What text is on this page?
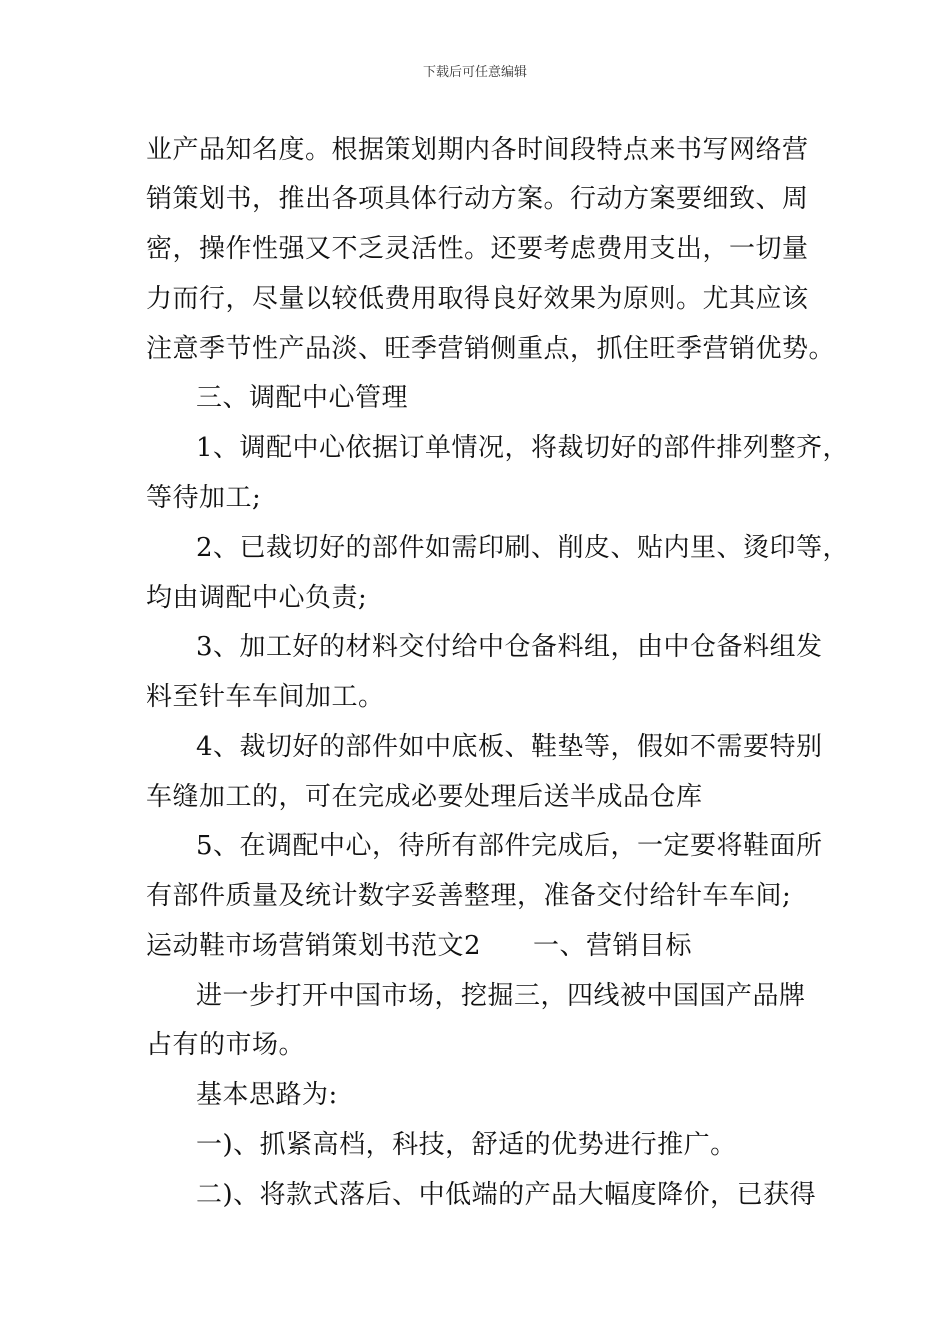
下载后可任意编辑
业产品知名度。根据策划期内各时间段特点来书写网络营
销策划书，推出各项具体行动方案。行动方案要细致、周
密，操作性强又不乏灵活性。还要考虑费用支出，一切量
力而行，尽量以较低费用取得良好效果为原则。尤其应该
注意季节性产品淡、旺季营销侧重点，抓住旺季营销优势。
三、调配中心管理
1、调配中心依据订单情况，将裁切好的部件排列整齐，
等待加工;
2、已裁切好的部件如需印刷、削皮、贴内里、烫印等，
均由调配中心负责;
3、加工好的材料交付给中仓备料组，由中仓备料组发
料至针车车间加工。
4、裁切好的部件如中底板、鞋垫等，假如不需要特别
车缝加工的，可在完成必要处理后送半成品仓库
5、在调配中心，待所有部件完成后，一定要将鞋面所
有部件质量及统计数字妥善整理，准备交付给针车车间;
运动鞋市场营销策划书范文2 一、营销目标
进一步打开中国市场，挖掘三，四线被中国国产品牌
占有的市场。
基本思路为:
一)、抓紧高档，科技，舒适的优势进行推广。
二)、将款式落后、中低端的产品大幅度降价，已获得
